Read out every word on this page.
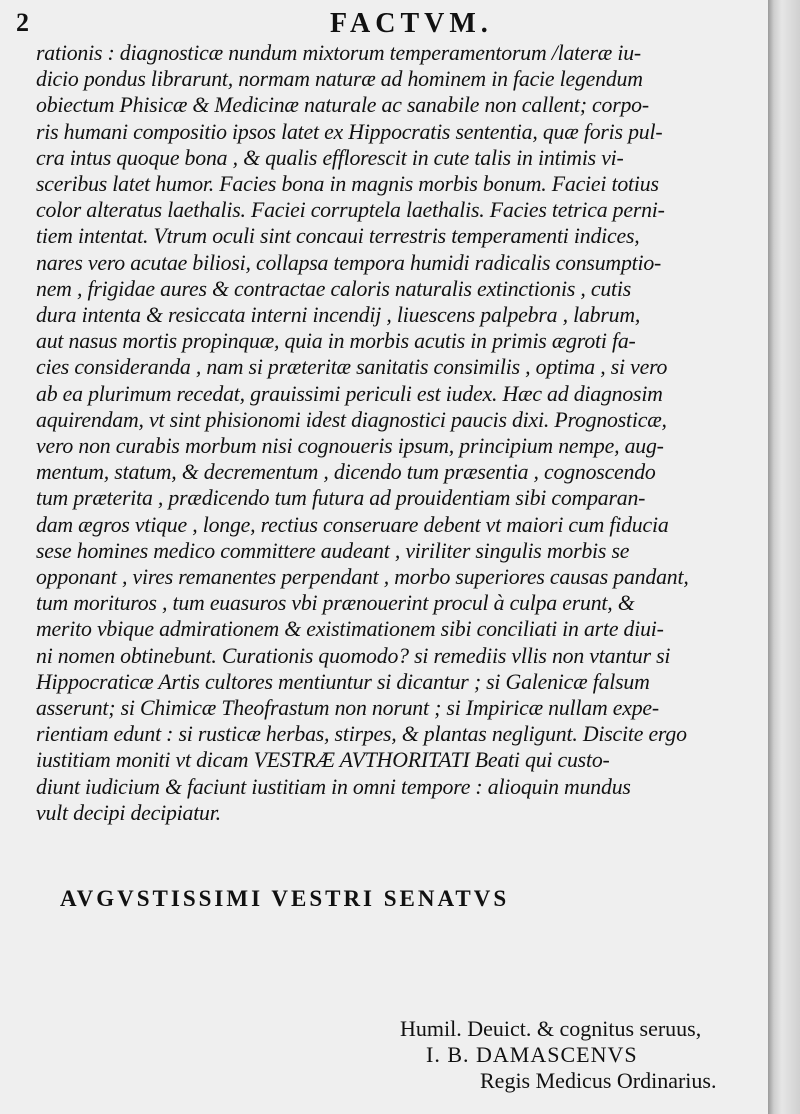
2	FACTVM.
rationis : diagnosticæ nundum mixtorum temperamentorum /lateræ iu-
dicio pondus librarunt, normam naturæ ad hominem in facie legendum
obiectum Phisicæ & Medicinæ naturale ac sanabile non callent; corpo-
ris humani compositio ipsos latet ex Hippocratis sententia, quæ foris pul-
cra intus quoque bona , & qualis efflorescit in cute talis in intimis vi-
sceribus latet humor. Facies bona in magnis morbis bonum. Faciei totius
color alteratus laethalis. Faciei corruptela laethalis. Facies tetrica perni-
tiem intentat. Vtrum oculi sint concaui terrestris temperamenti indices,
nares vero acutae biliosi, collapsa tempora humidi radicalis consumptio-
nem , frigidae aures & contractae caloris naturalis extinctionis , cutis
dura intenta & resiccata interni incendij , liuescens palpebra , labrum,
aut nasus mortis propinquæ, quia in morbis acutis in primis ægroti fa-
cies consideranda , nam si præteritæ sanitatis consimilis , optima , si vero
ab ea plurimum recedat, grauissimi periculi est iudex. Hæc ad diagnosim
aquirendam, vt sint phisionomi idest diagnostici paucis dixi. Prognosticæ,
vero non curabis morbum nisi cognoueris ipsum, principium nempe, aug-
mentum, statum, & decrementum , dicendo tum præsentia , cognoscendo
tum præterita , prædicendo tum futura ad prouidentiam sibi comparan-
dam ægros vtique , longe, rectius conseruare debent vt maiori cum fiducia
sese homines medico committere audeant , viriliter singulis morbis se
opponant , vires remanentes perpendant , morbo superiores causas pandant,
tum morituros , tum euasuros vbi prænouerint procul à culpa erunt, &
merito vbique admirationem & existimationem sibi conciliati in arte diui-
ni nomen obtinebunt. Curationis quomodo? si remediis vllis non vtantur si
Hippocraticæ Artis cultores mentiuntur si dicantur ; si Galenicæ falsum
asserunt; si Chimicæ Theofrastum non norunt ; si Impiricæ nullam expe-
rientiam edunt : si rusticæ herbas, stirpes, & plantas negligunt. Discite ergo
iustitiam moniti vt dicam VESTRÆ AVTHORITATI Beati qui custo-
diunt iudicium & faciunt iustitiam in omni tempore : alioquin mundus
vult decipi decipiatur.

AVGVSTISSIMI VESTRI SENATVS
Humil. Deuict. & cognitus seruus,
I. B. DAMASCENVS
Regis Medicus Ordinarius.
